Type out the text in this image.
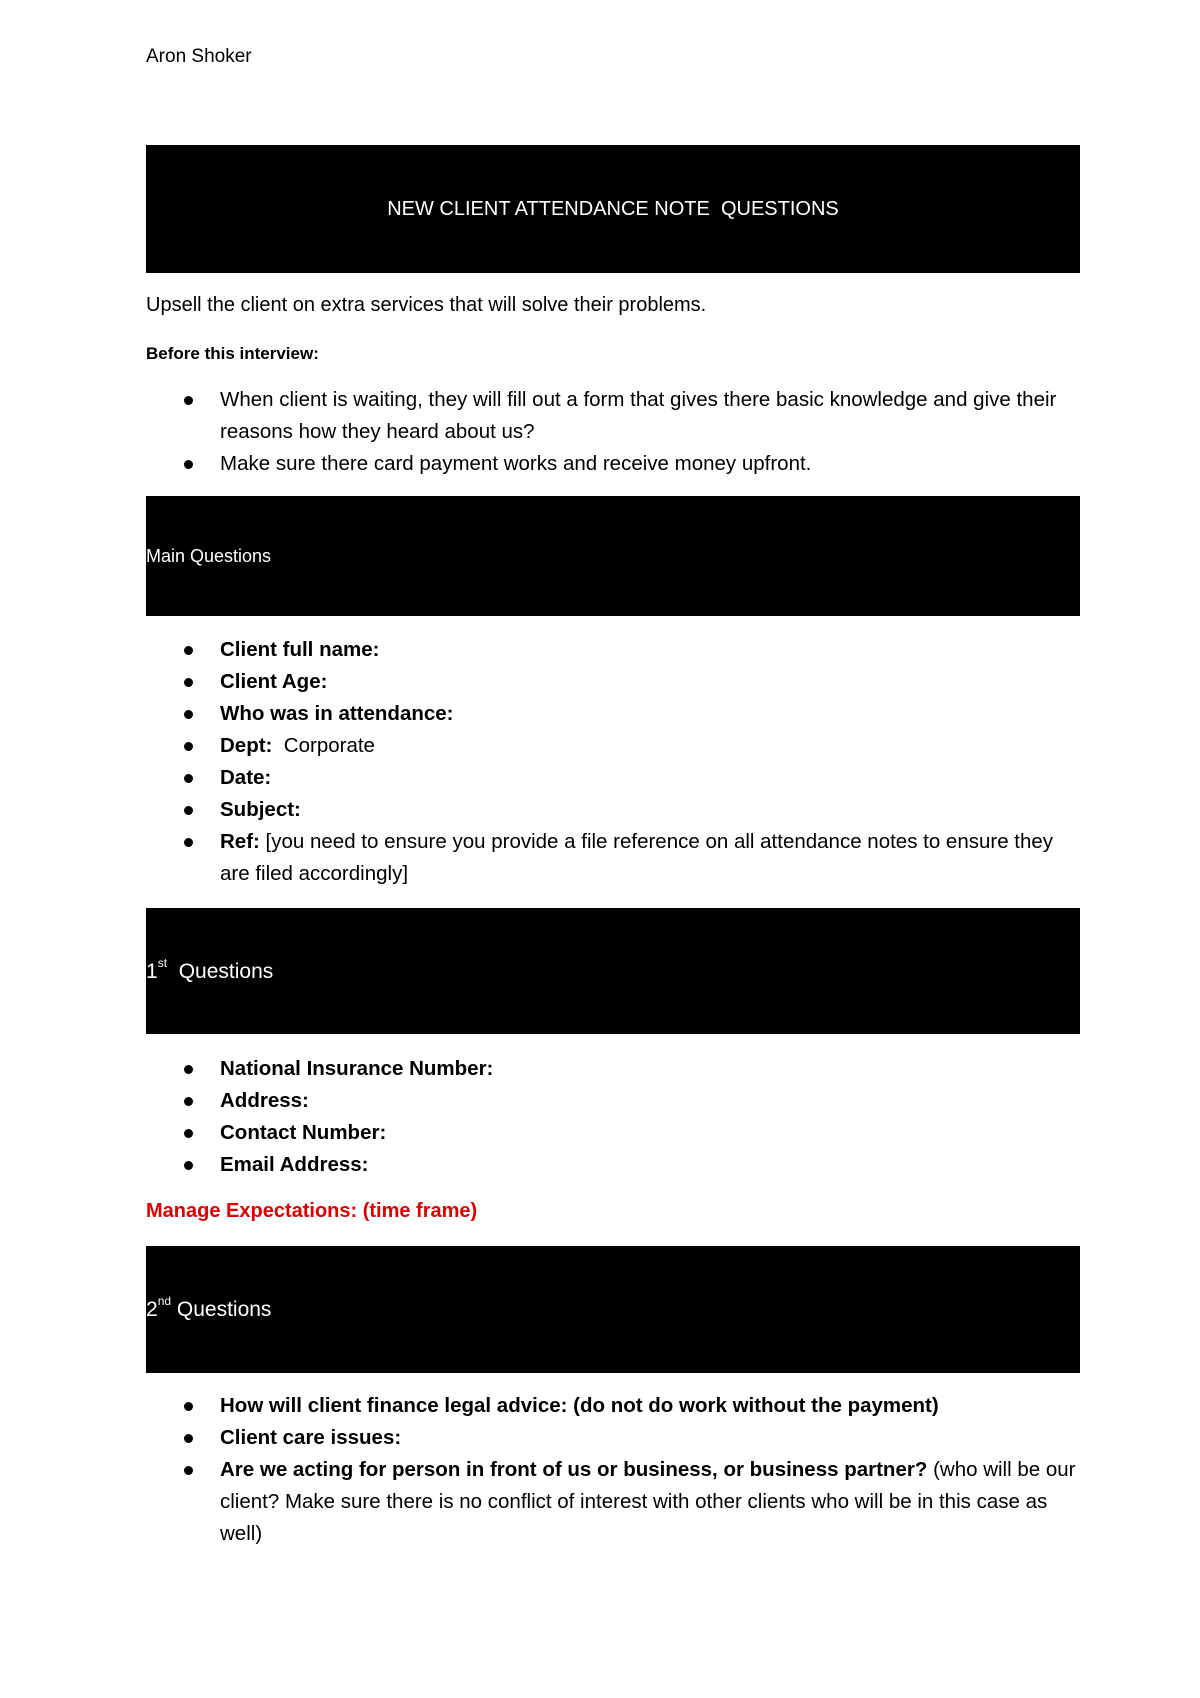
Aron Shoker
NEW CLIENT ATTENDANCE NOTE  QUESTIONS
Upsell the client on extra services that will solve their problems.
Before this interview:
When client is waiting, they will fill out a form that gives there basic knowledge and give their reasons how they heard about us?
Make sure there card payment works and receive money upfront.
Main Questions
Client full name:
Client Age:
Who was in attendance:
Dept:  Corporate
Date:
Subject:
Ref: [you need to ensure you provide a file reference on all attendance notes to ensure they are filed accordingly]
1st  Questions
National Insurance Number:
Address:
Contact Number:
Email Address:
Manage Expectations: (time frame)
2nd Questions
How will client finance legal advice: (do not do work without the payment)
Client care issues:
Are we acting for person in front of us or business, or business partner? (who will be our client? Make sure there is no conflict of interest with other clients who will be in this case as well)
